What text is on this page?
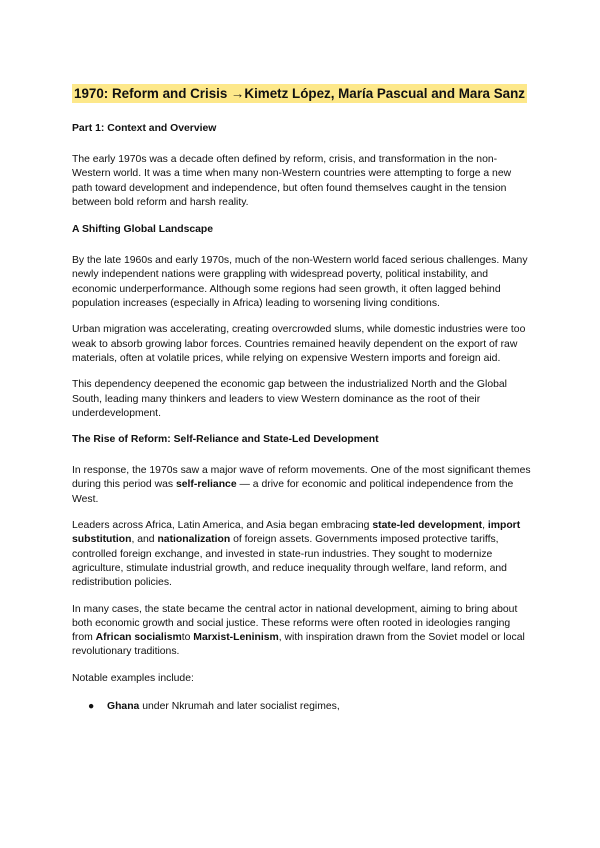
1970: Reform and Crisis →Kimetz López, María Pascual and Mara Sanz
Part 1: Context and Overview

The early 1970s was a decade often defined by reform, crisis, and transformation in the non-Western world. It was a time when many non-Western countries were attempting to forge a new path toward development and independence, but often found themselves caught in the tension between bold reform and harsh reality.

A Shifting Global Landscape

By the late 1960s and early 1970s, much of the non-Western world faced serious challenges. Many newly independent nations were grappling with widespread poverty, political instability, and economic underperformance. Although some regions had seen growth, it often lagged behind population increases (especially in Africa) leading to worsening living conditions.

Urban migration was accelerating, creating overcrowded slums, while domestic industries were too weak to absorb growing labor forces. Countries remained heavily dependent on the export of raw materials, often at volatile prices, while relying on expensive Western imports and foreign aid.

This dependency deepened the economic gap between the industrialized North and the Global South, leading many thinkers and leaders to view Western dominance as the root of their underdevelopment.

The Rise of Reform: Self-Reliance and State-Led Development

In response, the 1970s saw a major wave of reform movements. One of the most significant themes during this period was self-reliance — a drive for economic and political independence from the West.

Leaders across Africa, Latin America, and Asia began embracing state-led development, import substitution, and nationalization of foreign assets. Governments imposed protective tariffs, controlled foreign exchange, and invested in state-run industries. They sought to modernize agriculture, stimulate industrial growth, and reduce inequality through welfare, land reform, and redistribution policies.

In many cases, the state became the central actor in national development, aiming to bring about both economic growth and social justice. These reforms were often rooted in ideologies ranging from African socialismto Marxist-Leninism, with inspiration drawn from the Soviet model or local revolutionary traditions.

Notable examples include:

● Ghana under Nkrumah and later socialist regimes,
